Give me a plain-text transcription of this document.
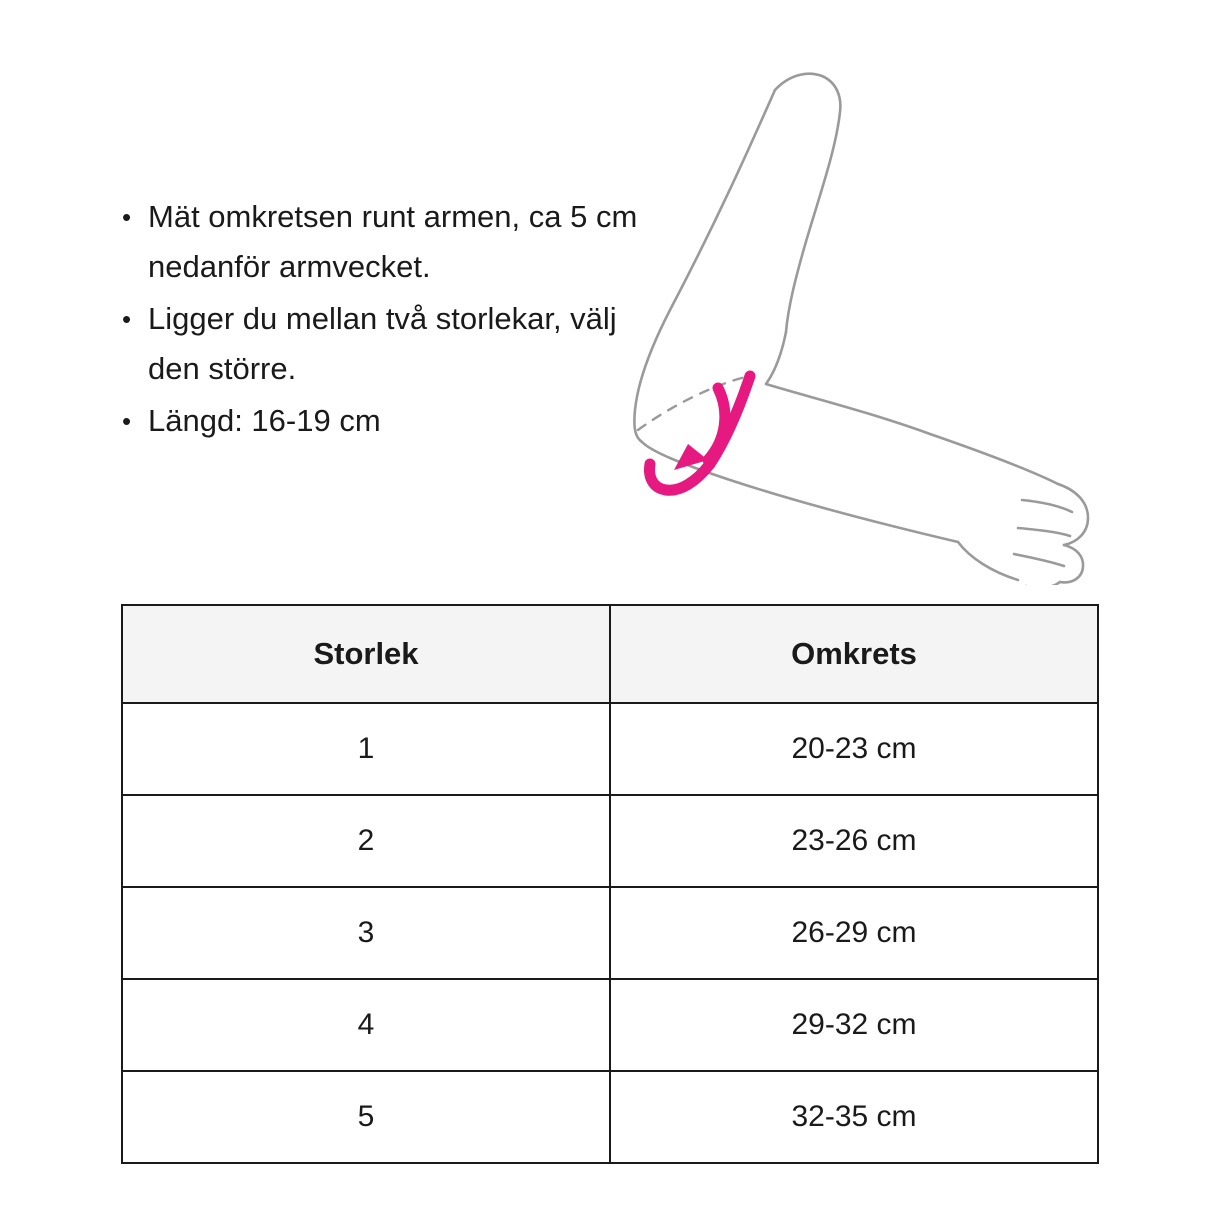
• Mät omkretsen runt armen, ca 5 cm nedanför armvecket.
• Ligger du mellan två storlekar, välj den större.
• Längd: 16-19 cm
Storlek	Omkrets
1	20-23 cm
2	23-26 cm
3	26-29 cm
4	29-32 cm
5	32-35 cm
